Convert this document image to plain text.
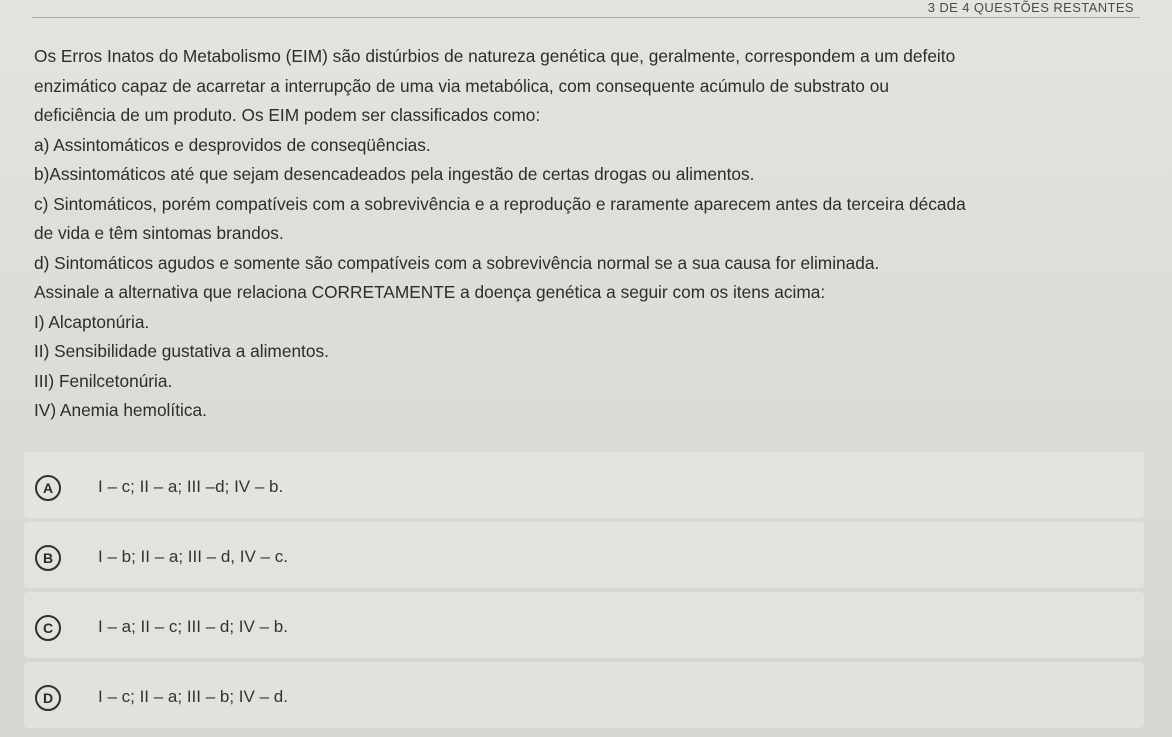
3 DE 4 QUESTÕES RESTANTES

Os Erros Inatos do Metabolismo (EIM) são distúrbios de natureza genética que, geralmente, correspondem a um defeito

enzimático capaz de acarretar a interrupção de uma via metabólica, com consequente acúmulo de substrato ou

deficiência de um produto. Os EIM podem ser classificados como:

a) Assintomáticos e desprovidos de conseqüências.

b)Assintomáticos até que sejam desencadeados pela ingestão de certas drogas ou alimentos.

c) Sintomáticos, porém compatíveis com a sobrevivência e a reprodução e raramente aparecem antes da terceira década

de vida e têm sintomas brandos.

d) Sintomáticos agudos e somente são compatíveis com a sobrevivência normal se a sua causa for eliminada.

Assinale a alternativa que relaciona CORRETAMENTE a doença genética a seguir com os itens acima:

I) Alcaptonúria.

II) Sensibilidade gustativa a alimentos.

III) Fenilcetonúria.

IV) Anemia hemolítica.

A	I – c; II – a; III –d; IV – b.
B	I – b; II – a; III – d, IV – c.
C	I – a; II – c; III – d; IV – b.
D	I – c; II – a; III – b; IV – d.
